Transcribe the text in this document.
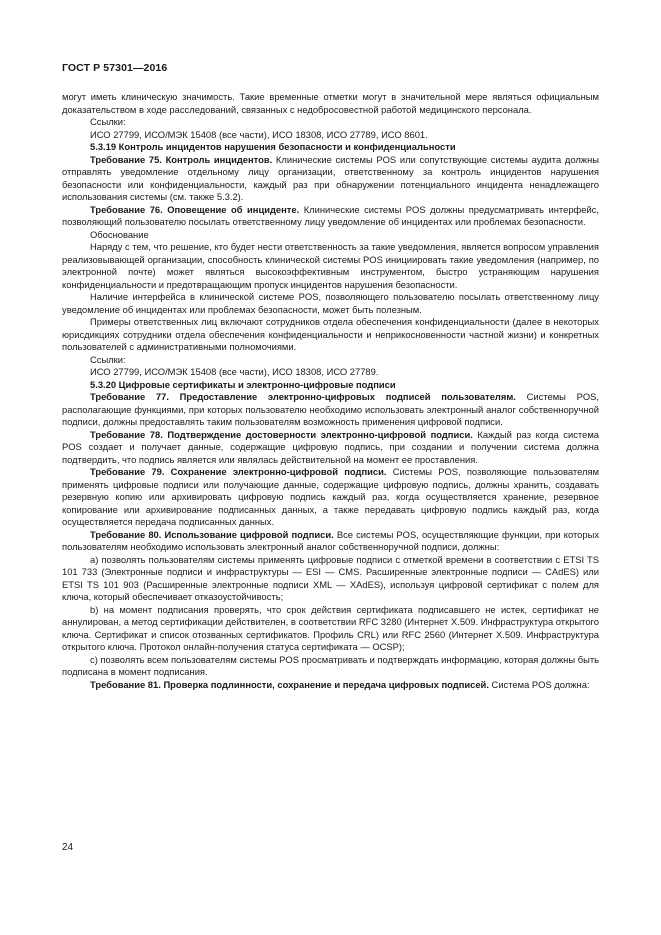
ГОСТ Р 57301—2016

могут иметь клиническую значимость. Такие временные отметки могут в значительной мере являться официальным доказательством в ходе расследований, связанных с недобросовестной работой медицинского персонала.

Ссылки:

ИСО 27799, ИСО/МЭК 15408 (все части), ИСО 18308, ИСО 27789, ИСО 8601.

5.3.19 Контроль инцидентов нарушения безопасности и конфиденциальности

Требование 75. Контроль инцидентов. Клинические системы POS или сопутствующие системы аудита должны отправлять уведомление отдельному лицу организации, ответственному за контроль инцидентов нарушения безопасности или конфиденциальности, каждый раз при обнаружении потенциального инцидента ненадлежащего использования системы (см. также 5.3.2).

Требование 76. Оповещение об инциденте. Клинические системы POS должны предусматривать интерфейс, позволяющий пользователю посылать ответственному лицу уведомление об инцидентах или проблемах безопасности.

Обоснование

Наряду с тем, что решение, кто будет нести ответственность за такие уведомления, является вопросом управления реализовывающей организации, способность клинической системы POS инициировать такие уведомления (например, по электронной почте) может являться высокоэффективным инструментом, быстро устраняющим нарушения конфиденциальности и предотвращающим пропуск инцидентов нарушения безопасности.

Наличие интерфейса в клинической системе POS, позволяющего пользователю посылать ответственному лицу уведомление об инцидентах или проблемах безопасности, может быть полезным.

Примеры ответственных лиц включают сотрудников отдела обеспечения конфиденциальности (далее в некоторых юрисдикциях сотрудники отдела обеспечения конфиденциальности и неприкосновенности частной жизни) и конкретных пользователей с административными полномочиями.

Ссылки:

ИСО 27799, ИСО/МЭК 15408 (все части), ИСО 18308, ИСО 27789.

5.3.20 Цифровые сертификаты и электронно-цифровые подписи

Требование 77. Предоставление электронно-цифровых подписей пользователям. Системы POS, располагающие функциями, при которых пользователю необходимо использовать электронный аналог собственноручной подписи, должны предоставлять таким пользователям возможность применения цифровой подписи.

Требование 78. Подтверждение достоверности электронно-цифровой подписи. Каждый раз когда система POS создает и получает данные, содержащие цифровую подпись, при создании и получении система должна подтвердить, что подпись является или являлась действительной на момент ее проставления.

Требование 79. Сохранение электронно-цифровой подписи. Системы POS, позволяющие пользователям применять цифровые подписи или получающие данные, содержащие цифровую подпись, должны хранить, создавать резервную копию или архивировать цифровую подпись каждый раз, когда осуществляется хранение, резервное копирование или архивирование подписанных данных, а также передавать цифровую подпись каждый раз, когда осуществляется передача подписанных данных.

Требование 80. Использование цифровой подписи. Все системы POS, осуществляющие функции, при которых пользователям необходимо использовать электронный аналог собственноручной подписи, должны:

a) позволять пользователям системы применять цифровые подписи с отметкой времени в соответствии с ETSI TS 101 733 (Электронные подписи и инфраструктуры — ESI — CMS. Расширенные электронные подписи — CAdES) или ETSI TS 101 903 (Расширенные электронные подписи XML — XAdES), используя цифровой сертификат с полем для ключа, который обеспечивает отказоустойчивость;

b) на момент подписания проверять, что срок действия сертификата подписавшего не истек, сертификат не аннулирован, а метод сертификации действителен, в соответствии RFC 3280 (Интернет X.509. Инфраструктура открытого ключа. Сертификат и список отозванных сертификатов. Профиль CRL) или RFC 2560 (Интернет X.509. Инфраструктура открытого ключа. Протокол онлайн-получения статуса сертификата — OCSP);

c) позволять всем пользователям системы POS просматривать и подтверждать информацию, которая должны быть подписана в момент подписания.

Требование 81. Проверка подлинности, сохранение и передача цифровых подписей. Система POS должна:

24
